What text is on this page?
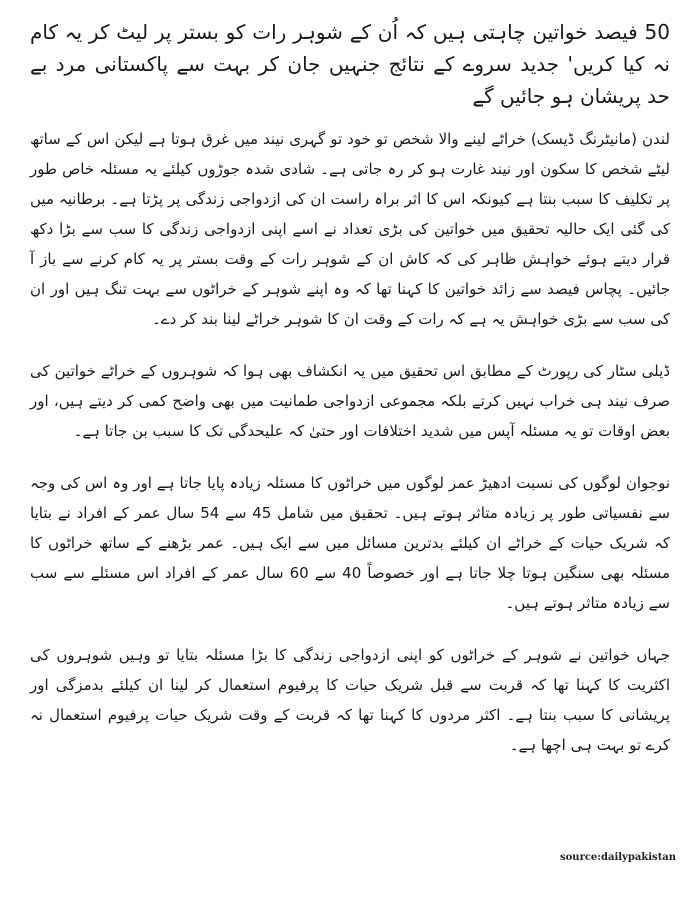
50 فیصد خواتین چاہتی ہیں کہ اُن کے شوہر رات کو بستر پر لیٹ کر یہ کام نہ کیا کریں' جدید سروے کے نتائج جنہیں جان کر بہت سے پاکستانی مرد بے حد پریشان ہو جائیں گے

لندن (مانیٹرنگ ڈیسک) خراٹے لینے والا شخص تو خود تو گہری نیند میں غرق ہوتا ہے لیکن اس کے ساتھ لیٹے شخص کا سکون اور نیند غارت ہو کر رہ جاتی ہے۔ شادی شدہ جوڑوں کیلئے یہ مسئلہ خاص طور پر تکلیف کا سبب بنتا ہے کیونکہ اس کا اثر براہ راست ان کی ازدواجی زندگی پر پڑتا ہے۔ برطانیہ میں کی گئی ایک حالیہ تحقیق میں خواتین کی بڑی تعداد نے اسے اپنی ازدواجی زندگی کا سب سے بڑا دکھ قرار دیتے ہوئے خواہش ظاہر کی کہ کاش ان کے شوہر رات کے وقت بستر پر یہ کام کرنے سے باز آ جائیں۔ پچاس فیصد سے زائد خواتین کا کہنا تھا کہ وہ اپنے شوہر کے خراٹوں سے بہت تنگ ہیں اور ان کی سب سے بڑی خواہش یہ ہے کہ رات کے وقت ان کا شوہر خراٹے لینا بند کر دے۔

ڈیلی سٹار کی رپورٹ کے مطابق اس تحقیق میں یہ انکشاف بھی ہوا کہ شوہروں کے خراٹے خواتین کی صرف نیند ہی خراب نہیں کرتے بلکہ مجموعی ازدواجی طمانیت میں بھی واضح کمی کر دیتے ہیں، اور بعض اوقات تو یہ مسئلہ آپس میں شدید اختلافات اور حتیٰ کہ علیحدگی تک کا سبب بن جاتا ہے۔

نوجوان لوگوں کی نسبت ادھیڑ عمر لوگوں میں خراٹوں کا مسئلہ زیادہ پایا جاتا ہے اور وہ اس کی وجہ سے نفسیاتی طور پر زیادہ متاثر ہوتے ہیں۔ تحقیق میں شامل 45 سے 54 سال عمر کے افراد نے بتایا کہ شریک حیات کے خراٹے ان کیلئے بدترین مسائل میں سے ایک ہیں۔ عمر بڑھنے کے ساتھ خراٹوں کا مسئلہ بھی سنگین ہوتا چلا جاتا ہے اور خصوصاً 40 سے 60 سال عمر کے افراد اس مسئلے سے سب سے زیادہ متاثر ہوتے ہیں۔

جہاں خواتین نے شوہر کے خراٹوں کو اپنی ازدواجی زندگی کا بڑا مسئلہ بتایا تو وہیں شوہروں کی اکثریت کا کہنا تھا کہ قربت سے قبل شریک حیات کا پرفیوم استعمال کر لینا ان کیلئے بدمزگی اور پریشانی کا سبب بنتا ہے۔ اکثر مردوں کا کہنا تھا کہ قربت کے وقت شریک حیات پرفیوم استعمال نہ کرے تو بہت ہی اچھا ہے۔

source:dailypakistan
